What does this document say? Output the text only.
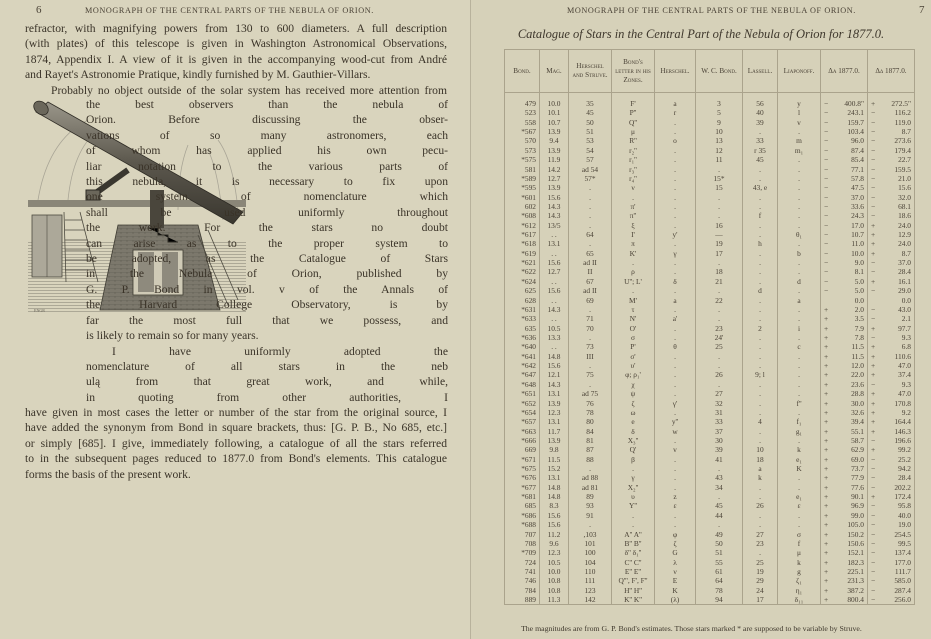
6	MONOGRAPH OF THE CENTRAL PARTS OF THE NEBULA OF ORION.
refractor, with magnifying powers from 130 to 600 diameters. A full description
(with plates) of this telescope is given in Washington Astronomical Observations,
1874, Appendix I. A view of it is given in the accompanying wood-cut from André
and Rayet's Astronomie Pratique, kindly furnished by M. Gauthier-Villars.
Probably no object outside of the solar system has received more attention from
ENGR
the best observers than the nebula of
Orion. Before discussing the obser-
vations of so many astronomers, each
of whom has applied his own pecu-
liar notation to the various parts of
this nebula, it is necessary to fix upon
one system of nomenclature which
shall be used uniformly throughout
the work. For the stars no doubt
can arise as to the proper system to
be adopted, as the Catalogue of Stars
in the Nebula of Orion, published by
G. P. Bond in vol. v of the Annals of
the Harvard College Observatory, is by
far the most full that we possess, and
is likely to remain so for many years.
I have uniformly adopted the
nomenclature of all stars in the neb
ulą from that great work, and while,
in quoting from other authorities, I
have given in most cases the letter or number of the star from the original source, I
have added the synonym from Bond in square brackets, thus: [G. P. B., No 685, etc.]
or simply [685]. I give, immediately following, a catalogue of all the stars referred
to in the subsequent pages reduced to 1877.0 from Bond's elements. This catalogue
forms the basis of the present work.
MONOGRAPH OF THE CENTRAL PARTS OF THE NEBULA OF ORION.	7
Catalogue of Stars in the Central Part of the Nebula of Orion for 1877.0.
Bond.	Mag.	Herschel and Struve.	Bond's letter in his Zones.	Herschel.	W. C. Bond.	Lassell.	Liaponoff.	Δα 1877.0.		Δδ 1877.0.	
479	10.0	35	F'	a	3	56	y	−	400.8"	+	272.5"
523	10.1	45	P''	r	5	40	l	−	243.1	−	116.2
558	10.7	50	Q''	.	9	39	v	−	159.7	−	119.0
*567	13.9	51	μ	.	10	.	.	−	103.4	−	8.7
570	9.4	53	R''	o	13	33	m	−	96.0	−	273.6
573	13.9	54	r₂''	.	12	r 35	m₁	−	87.4	−	179.4
*575	11.9	57	r₁''	.	11	45	.	−	85.4	−	22.7
581	14.2	ad 54	r₃''	.	.	.	.	−	77.1	−	159.5
*589	12.7	57*	r₄''	.	15*	.	.	−	57.8	−	21.0
*595	13.9	.	ν	.	15	43, e	.	−	47.5	−	15.6
*601	15.6	.	.	.	.	.	.	−	37.0	−	32.0
602	14.3	.	π'	.	.	.	.	−	33.6	−	68.1
*608	14.3	.	π''	.	.	f	.	−	24.3	−	18.6
*612	13/5	.	ξ	.	16	.	.	−	17.0	+	24.0
*617	. .	64	I'	y'	—	.	θ₁	−	10.7	+	12.9
*618	13.1	.	π	.	19	h	.	−	11.0	+	24.0
*619	. .	65	K'	γ	17	.	b	−	10.0	+	8.7
*621	15.6	ad II	.	.	.	.	.	−	9.0	−	37.0
*622	12.7	II	ρ	.	18	.	.	−	8.1	−	28.4
*624	. .	67	U''; L'	δ	21	.	d	−	5.0	+	16.1
625	15.6	ad II	.	.	.	d	.	−	5.0	−	29.0
628	. .	69	M'	a	22	.	a		0.0		0.0
*631	14.3	.	τ	.	.	.	.	+	2.0	−	43.0
*633	. .	71	N'	a'	.	.	.	+	3.5	−	2.1
635	10.5	70	O'	.	23	2	i	+	7.9	+	97.7
*636	13.3	.	σ	.	24'	.	.	+	7.8	−	9.3
*640	. .	73	P'	θ	25	.	c	+	11.5	+	6.8
*641	14.8	III	σ'	.	.	.	.	+	11.5	+	110.6
*642	15.6	.	υ'	.	.	.	.	+	12.0	+	47.0
*647	12.1	75	φ; ρ₁'	.	26	9; l	.	+	22.0	+	37.4
*648	14.3	.	χ	.	.	.	.	+	23.6	−	9.3
*651	13.1	ad 75	ψ	.	27	.	.	+	28.8	+	47.0
*652	13.9	76	ζ	γ'	32	.	f''	+	30.0	+	170.8
*654	12.3	78	ω	.	31	.	.	+	32.6	+	9.2
*657	13.1	80	e	y''	33	4	f₁	+	39.4	+	164.4
*663	11.7	84	δ	w	37	.	g₁	+	55.1	+	146.3
*666	13.9	81	X₃''	.	30	.	.	+	58.7	−	196.6
669	9.8	87	Q'	v	39	10	k	+	62.9	+	99.2
*671	11.5	88	β	.	41	18	e₁	+	69.0	−	25.2
*675	15.2	.	.	.	.	a	K	+	73.7	−	94.2
*676	13.1	ad 88	γ	.	43	k	.	+	77.9	−	28.4
*677	14.8	ad 81	X₂''	.	34	.	.	+	77.6	−	202.2
*681	14.8	89	υ	z	.	.	e₁	+	90.1	+	172.4
685	8.3	93	Y''	ε	45	26	ε	+	96.9	−	95.8
*686	15.6	91	.	.	44	.	.	+	99.0	−	40.0
*688	15.6	.	.	.	.	.	.	+	105.0	−	19.0
707	11.2	,103	A'' A''	φ	49	27	σ	+	150.2	−	254.5
708	9.6	101	B'' B''	ζ	50	23	f	+	150.6	−	99.5
*709	12.3	100	δ'' δ₁''	G	51	.	μ	+	152.1	−	137.4
724	10.5	104	C'' C''	λ	55	25	k	+	182.3	−	177.0
741	10.0	110	E'' E''	ν	61	19	g	+	225.1	−	111.7
746	10.8	111	Q''', F', F''	E	64	29	ζ₁	+	231.3	−	585.0
784	10.8	123	H'' H''	K	78	24	η₁	+	387.2	−	287.4
889	11.3	142	K'' K''	(λ)	94	17	δ₁₁	+	800.4	−	256.0
The magnitudes are from G. P. Bond's estimates. Those stars marked * are supposed to be variable by Struve.
